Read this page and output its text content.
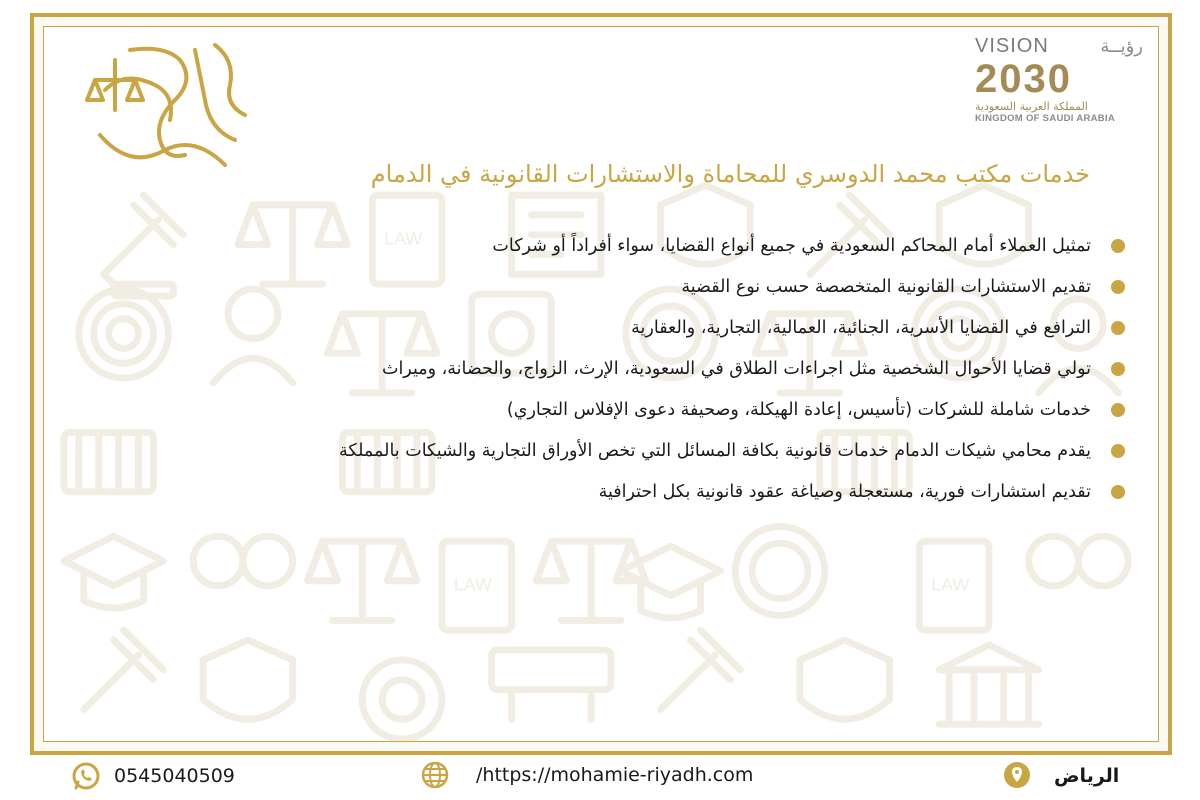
LAW
LAW	LAW
VISION	رؤيــة
2030
المملكة العربية السعودية
KINGDOM OF SAUDI ARABIA
خدمات مكتب محمد الدوسري للمحاماة والاستشارات القانونية في الدمام
تمثيل العملاء أمام المحاكم السعودية في جميع أنواع القضايا، سواء أفراداً أو شركات
تقديم الاستشارات القانونية المتخصصة حسب نوع القضية
الترافع في القضايا الأسرية، الجنائية، العمالية، التجارية، والعقارية
تولي قضايا الأحوال الشخصية مثل اجراءات الطلاق في السعودية، الإرث، الزواج، والحضانة، وميراث
خدمات شاملة للشركات (تأسيس، إعادة الهيكلة، وصحيفة دعوى الإفلاس التجاري)
يقدم محامي شيكات الدمام خدمات قانونية بكافة المسائل التي تخص الأوراق التجارية والشيكات بالمملكة
تقديم استشارات فورية، مستعجلة وصياغة عقود قانونية بكل احترافية
0545040509	/https://mohamie-riyadh.com	الرياض
